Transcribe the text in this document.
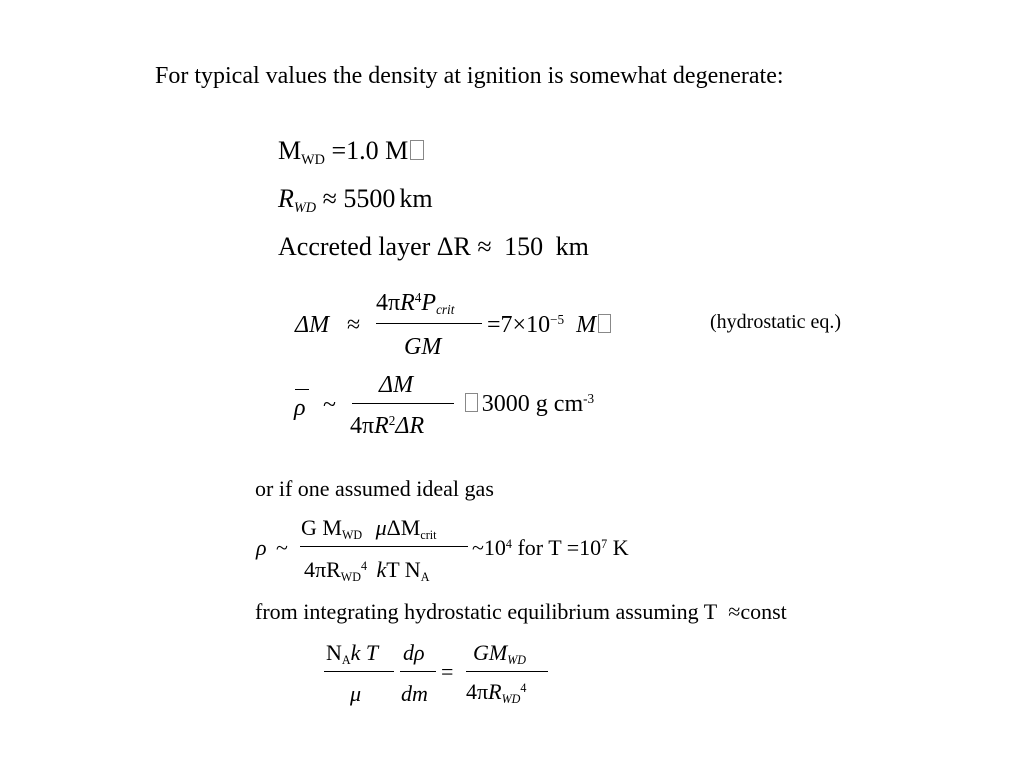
For typical values the density at ignition is somewhat degenerate:
MWD =1.0 M
RWD ≈ 5500 km
Accreted layer ΔR ≈ 150 km
ΔM ≈
$4\pi R^4Pcrit$
GM
$=7\times 10^{-5}$ M	(hydrostatic eq.)
ρ ~
ΔM
$4\pi R^2\Delta R$
3000 g $cm^{-3}$
or if one assumed ideal gas
ρ ~
G MWD μΔMcrit
4πRWD$^4$ kT NA
$\sim 10^4$ for $T =10^7$ K
from integrating hydrostatic equilibrium assuming T ≈const
NAk T
μ
dρ
dm
=
GMWD
4πRWD$^4$
